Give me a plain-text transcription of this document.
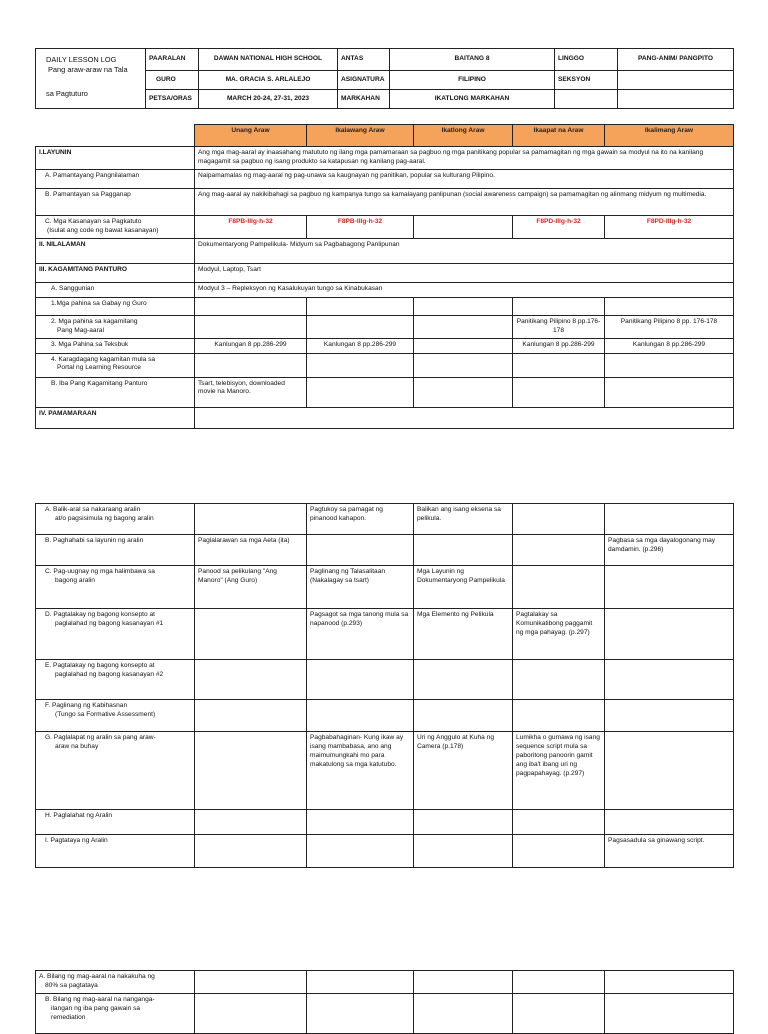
DAILY LESSON LOG
Pang araw-araw na Tala
sa Pagtuturo	PAARALAN	DAWAN NATIONAL HIGH SCHOOL	ANTAS	BAITANG 8	LINGGO	PANG-ANIM/ PANGPITO
	GURO	MA. GRACIA S. ARLALEJO	ASIGNATURA	FILIPINO	SEKSYON	
	PETSA/ORAS	MARCH 20-24, 27-31, 2023	MARKAHAN	IKATLONG MARKAHAN		
	Unang Araw	Ikalawang Araw	Ikatlong Araw	Ikaapat na Araw	Ikalimang Araw
I.LAYUNIN	Ang mga mag-aaral ay inaasahang matututo ng ilang mga pamamaraan sa pagbuo ng mga panitikang popular sa pamamagitan ng mga gawain sa modyul na ito na kanilang magagamit sa pagbuo ng isang produkto sa katapusan ng kanilang pag-aaral.				
A. Pamantayang Pangnilalaman	Naipamamalas ng mag-aaral ng pag-unawa sa kaugnayan ng panitikan, popular sa kulturang Pilipino.				
B. Pamantayan sa Pagganap	Ang mag-aaral ay nakikibahagi sa pagbuo ng kampanya tungo sa kamalayang panlipunan (social awareness campaign) sa pamamagitan ng alinmang midyum ng multimedia.				

C. Mga Kasanayan sa Pagkatuto
(Isulat ang code ng bawat kasanayan)	F8PB-IIIg-h-32	F8PB-IIIg-h-32		F8PD-IIIg-h-32	F8PD-IIIg-h-32
II. NILALAMAN	Dokumentaryong Pampelikula- Midyum sa Pagbabagong Panlipunan				
III. KAGAMITANG PANTURO	Modyul, Laptop, Tsart				
A. Sanggunian	Modyul 3 – Repleksyon ng Kasalukuyan tungo sa Kinabukasan				
1.Mga pahina sa Gabay ng Guro					

2. Mga pahina sa kagamitang
Pang Mag-aaral				Panitikang Pilipino 8 pp.176-178	Panitikang Pilipino 8 pp. 176-178
3. Mga Pahina sa Teksbuk	Kanlungan 8 pp.286-299	Kanlungan 8 pp.286-299		Kanlungan 8 pp.286-299	Kanlungan 8 pp.286-299

4. Karagdagang kagamitan mula sa
Portal ng Learning Resource					

B. Iba Pang Kagamitang Panturo	Tsart, telebisyon, downloaded movie na Manoro.				
IV. PAMAMARAAN					
A. Balik-aral sa nakaraang aralin
at/o pagsisimula ng bagong aralin		Pagtukoy sa pamagat ng pinanood kahapon.	Balikan ang isang eksena sa pelikula.		

B. Paghahabi sa layunin ng aralin	Paglalarawan sa mga Aeta (ita)				Pagbasa sa mga dayalogonang may damdamin. (p.296)

C. Pag-uugnay ng mga halimbawa sa
bagong aralin	Panood sa pelikulang "Ang Manoro" (Ang Guro)	Paglinang ng Talasalitaan (Nakalagay sa tsart)	Mga Layunin ng Dokumentaryong Pampelikula		

D. Pagtalakay ng bagong konsepto at
paglalahad ng bagong kasanayan #1		Pagsagot sa mga tanong mula sa napanood (p.293)	Mga Elemento ng Pelikula	Pagtalakay sa Komunikatibong paggamit ng mga pahayag. (p.297)	

E. Pagtalakay ng bagong konsepto at
paglalahad ng bagong kasanayan #2					

F. Paglinang ng Kabihasnan
(Tungo sa Formative Assessment)					

G. Paglalapat ng aralin sa pang araw-
araw na buhay		Pagbabahaginan- Kung ikaw ay isang mambabasa, ano ang maimumungkahi mo para makatulong sa mga katutubo.	Uri ng Anggulo at Kuha ng Camera (p.178)	Lumikha o gumawa ng isang sequence script mula sa paboritong panoorin gamit ang iba't ibang uri ng pagpapahayag. (p.297)	

H. Paglalahat ng Aralin					

I. Pagtataya ng Aralin					Pagsasadula sa ginawang script.
A. Bilang ng mag-aaral na nakakuha ng
80% sa pagtataya					

B. Bilang ng mag-aaral na nangangа-
ilangan ng iba pang gawain sa
remediation					
